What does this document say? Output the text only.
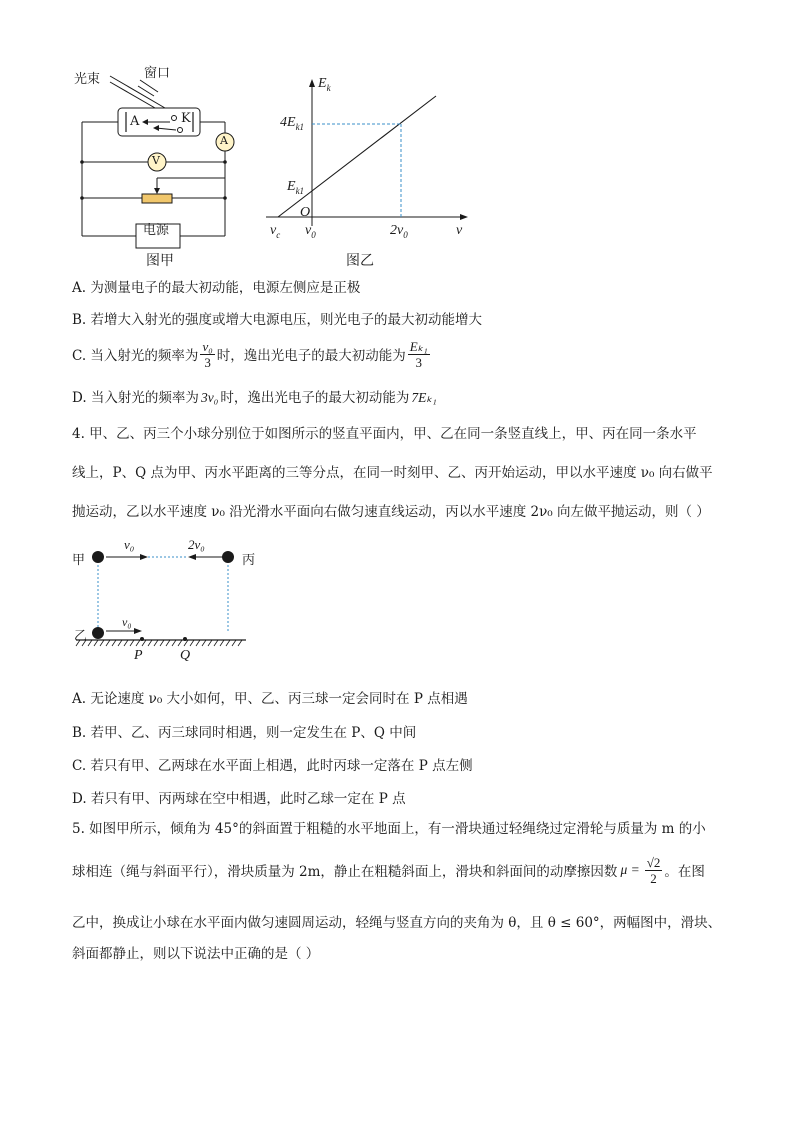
光束	窗口
A	K
A
V
电源
图甲
$E_k$
$4E_{k1}$
$E_{k1}$
O
$\nu_c$ $\nu_0$	$2\nu_0$	ν
图乙
A. 为测量电子的最大初动能，电源左侧应是正极
B. 若增大入射光的强度或增大电源电压，则光电子的最大初动能增大
C. 当入射光的频率为 $\frac{\text{ν₀}}{3}$ 时，逸出光电子的最大初动能为 $\frac{\text{Eₖ₁}}{3}$
D. 当入射光的频率为 3ν₀ 时，逸出光电子的最大初动能为 7Eₖ₁
4. 甲、乙、丙三个小球分别位于如图所示的竖直平面内，甲、乙在同一条竖直线上，甲、丙在同一条水平
线上，P、Q 点为甲、丙水平距离的三等分点，在同一时刻甲、乙、丙开始运动，甲以水平速度 ν₀ 向右做平
抛运动，乙以水平速度 ν₀ 沿光滑水平面向右做匀速直线运动，丙以水平速度 2ν₀ 向左做平抛运动，则（ ）
甲	丙
乙
ν₀	2ν₀
ν₀
P	Q
A. 无论速度 ν₀ 大小如何，甲、乙、丙三球一定会同时在 P 点相遇
B. 若甲、乙、丙三球同时相遇，则一定发生在 P、Q 中间
C. 若只有甲、乙两球在水平面上相遇，此时丙球一定落在 P 点左侧
D. 若只有甲、丙两球在空中相遇，此时乙球一定在 P 点
5. 如图甲所示，倾角为 45°的斜面置于粗糙的水平地面上，有一滑块通过轻绳绕过定滑轮与质量为 m 的小
球相连（绳与斜面平行），滑块质量为 2m，静止在粗糙斜面上，滑块和斜面间的动摩擦因数 $\mu = \frac{√2}{2}$ 。在图
乙中，换成让小球在水平面内做匀速圆周运动，轻绳与竖直方向的夹角为 θ，且 θ ≤ 60°，两幅图中，滑块、
斜面都静止，则以下说法中正确的是（ ）
